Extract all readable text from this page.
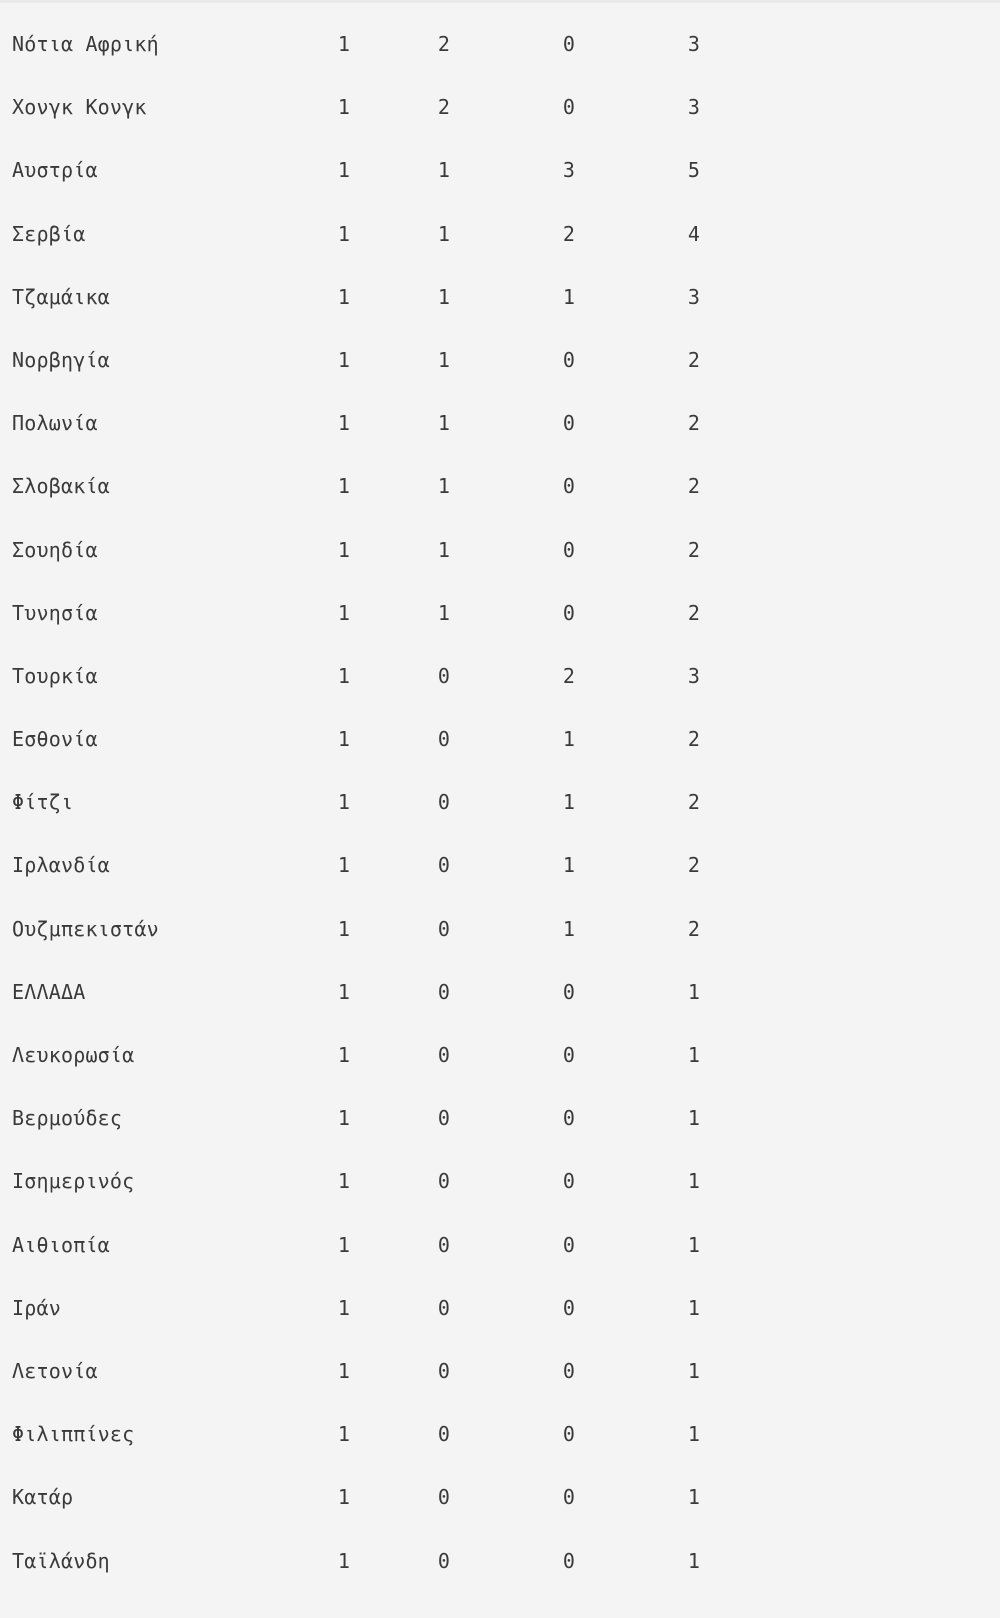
Νότια Αφρική	1	2	0	3
Χονγκ Κονγκ	1	2	0	3
Αυστρία	1	1	3	5
Σερβία	1	1	2	4
Τζαμάικα	1	1	1	3
Νορβηγία	1	1	0	2
Πολωνία	1	1	0	2
Σλοβακία	1	1	0	2
Σουηδία	1	1	0	2
Τυνησία	1	1	0	2
Τουρκία	1	0	2	3
Εσθονία	1	0	1	2
Φίτζι	1	0	1	2
Ιρλανδία	1	0	1	2
Ουζμπεκιστάν	1	0	1	2
ΕΛΛΑΔΑ	1	0	0	1
Λευκορωσία	1	0	0	1
Βερμούδες	1	0	0	1
Ισημερινός	1	0	0	1
Αιθιοπία	1	0	0	1
Ιράν	1	0	0	1
Λετονία	1	0	0	1
Φιλιππίνες	1	0	0	1
Κατάρ	1	0	0	1
Ταϊλάνδη	1	0	0	1
